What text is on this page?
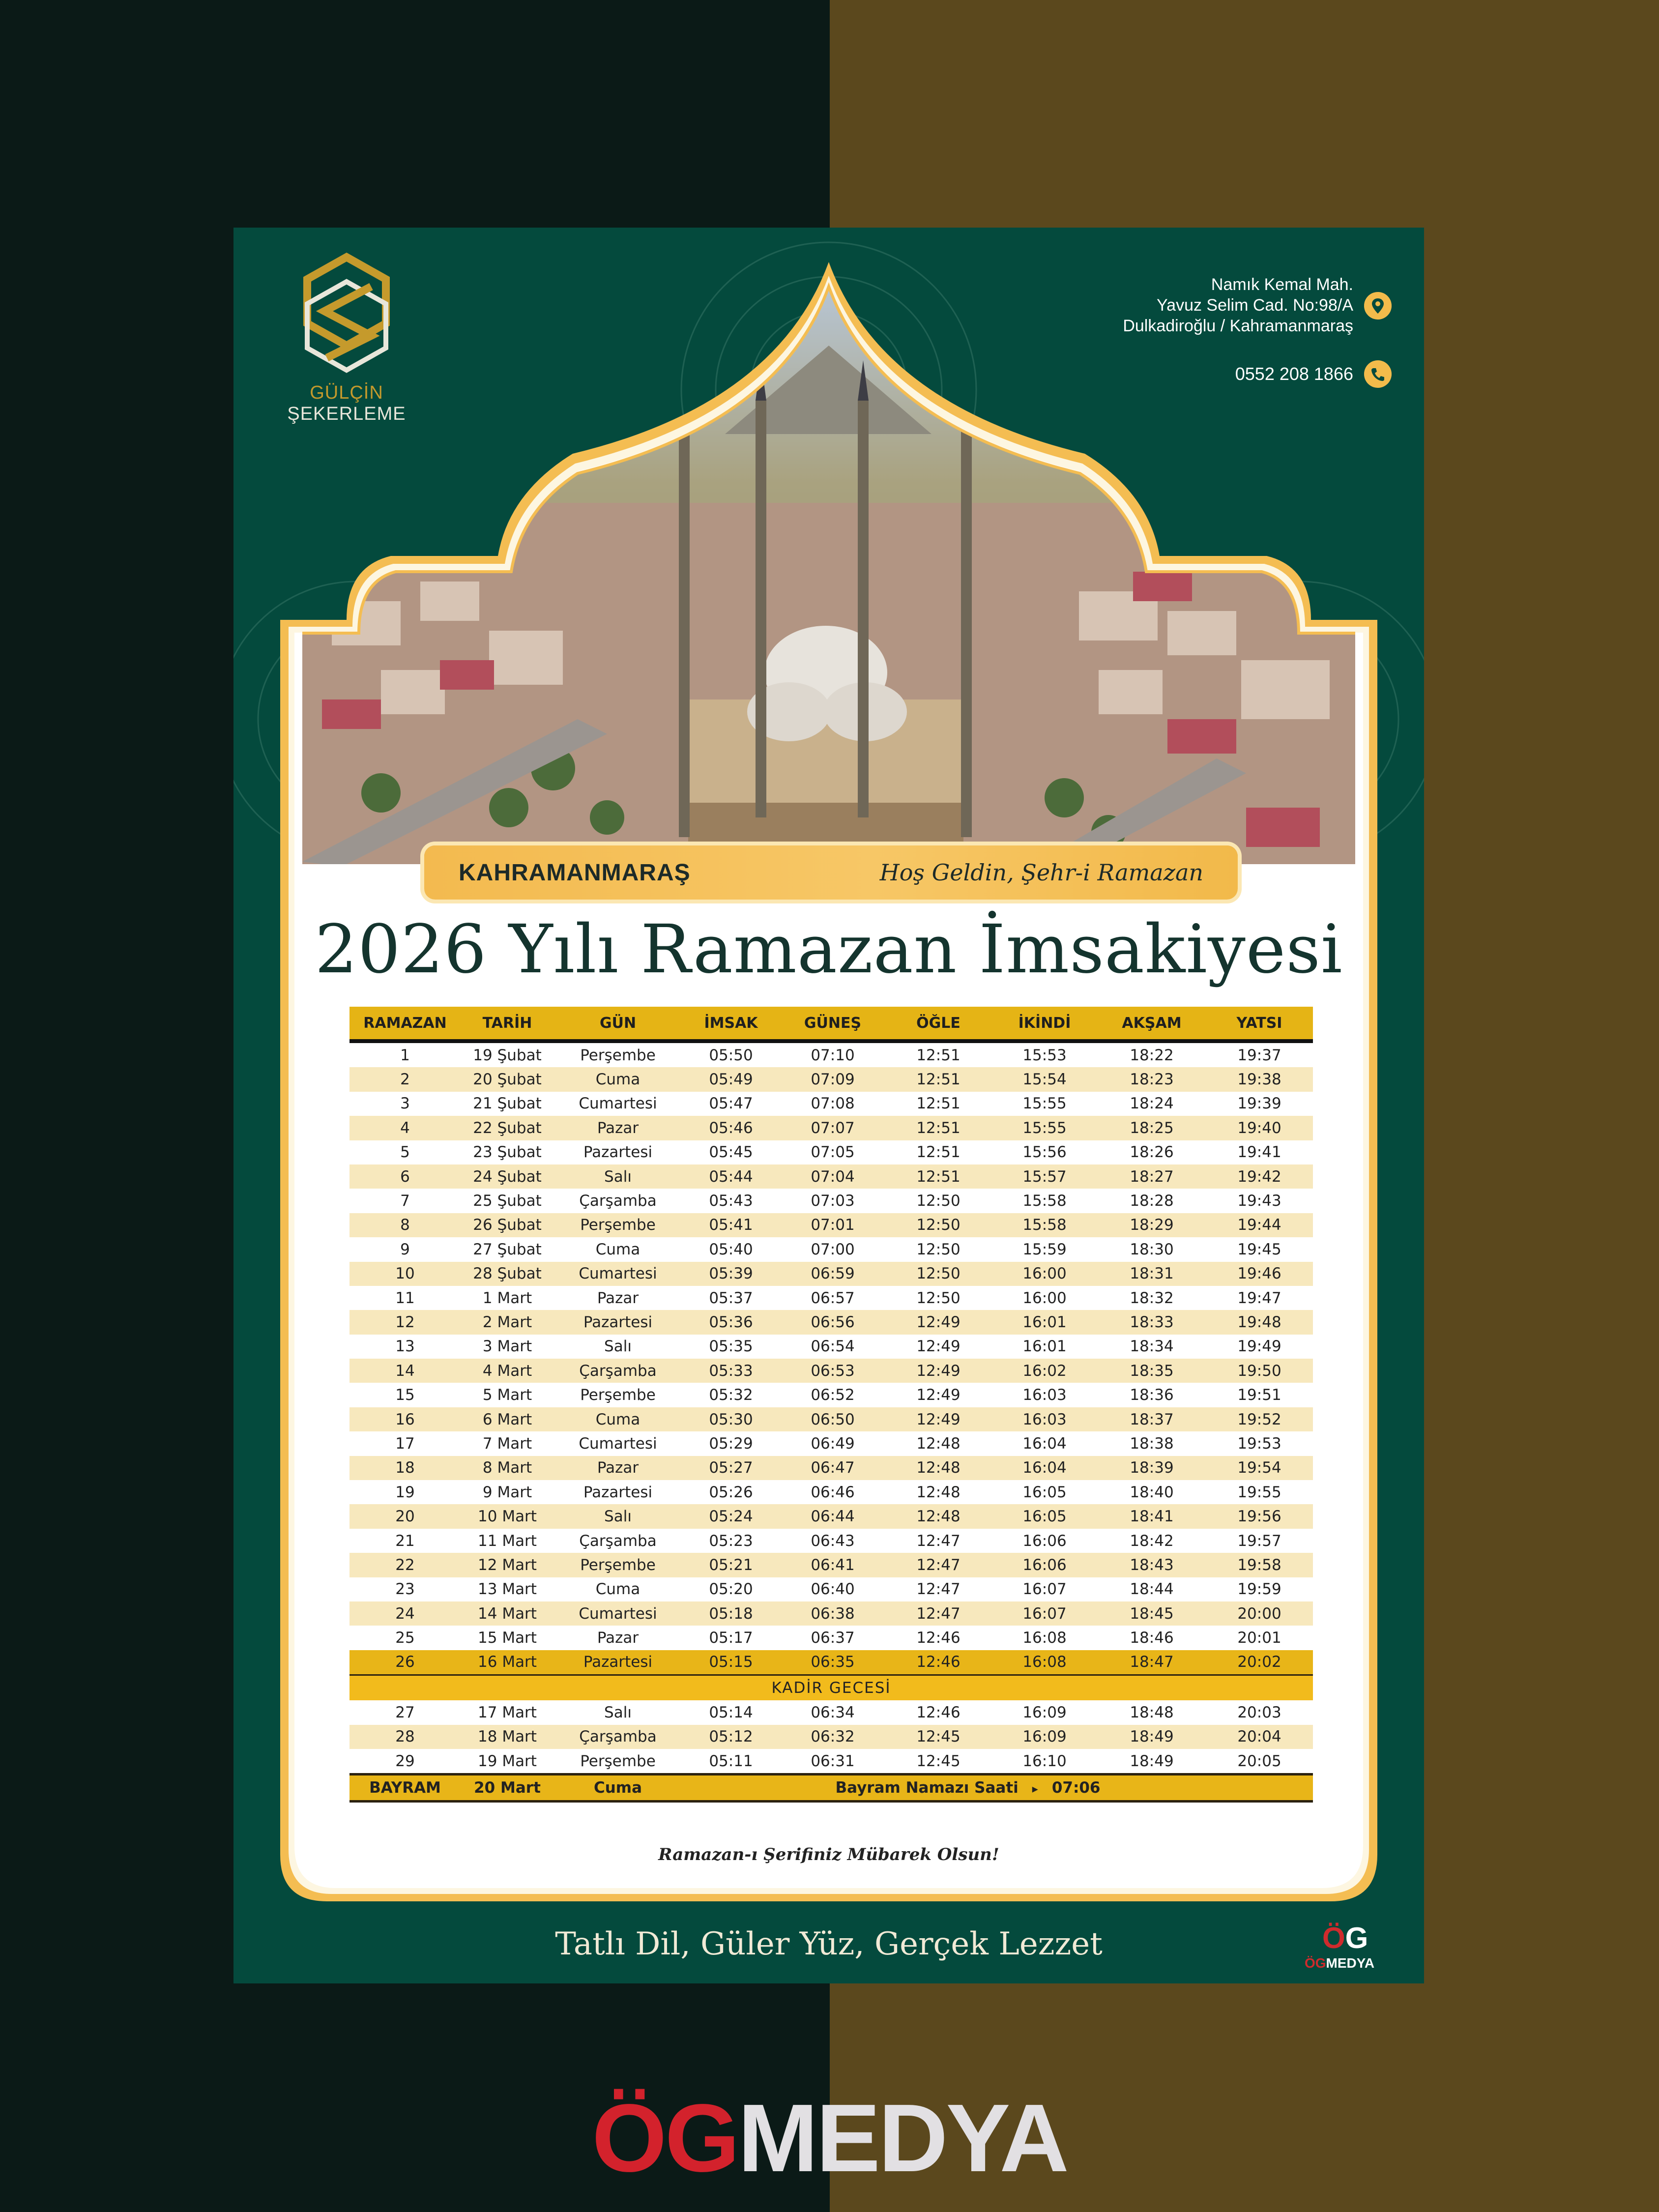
GÜLÇİN ŞEKERLEME
Namık Kemal Mah.
Yavuz Selim Cad. No:98/A
Dulkadiroğlu / Kahramanmaraş
0552 208 1866
KAHRAMANMARAŞ	Hoş Geldin, Şehr-i Ramazan
2026 Yılı Ramazan İmsakiyesi
RAMAZAN	TARİH	GÜN	İMSAK	GÜNEŞ	ÖĞLE	İKİNDİ	AKŞAM	YATSI
1	19 Şubat	Perşembe	05:50	07:10	12:51	15:53	18:22	19:37
2	20 Şubat	Cuma	05:49	07:09	12:51	15:54	18:23	19:38
3	21 Şubat	Cumartesi	05:47	07:08	12:51	15:55	18:24	19:39
4	22 Şubat	Pazar	05:46	07:07	12:51	15:55	18:25	19:40
5	23 Şubat	Pazartesi	05:45	07:05	12:51	15:56	18:26	19:41
6	24 Şubat	Salı	05:44	07:04	12:51	15:57	18:27	19:42
7	25 Şubat	Çarşamba	05:43	07:03	12:50	15:58	18:28	19:43
8	26 Şubat	Perşembe	05:41	07:01	12:50	15:58	18:29	19:44
9	27 Şubat	Cuma	05:40	07:00	12:50	15:59	18:30	19:45
10	28 Şubat	Cumartesi	05:39	06:59	12:50	16:00	18:31	19:46
11	1 Mart	Pazar	05:37	06:57	12:50	16:00	18:32	19:47
12	2 Mart	Pazartesi	05:36	06:56	12:49	16:01	18:33	19:48
13	3 Mart	Salı	05:35	06:54	12:49	16:01	18:34	19:49
14	4 Mart	Çarşamba	05:33	06:53	12:49	16:02	18:35	19:50
15	5 Mart	Perşembe	05:32	06:52	12:49	16:03	18:36	19:51
16	6 Mart	Cuma	05:30	06:50	12:49	16:03	18:37	19:52
17	7 Mart	Cumartesi	05:29	06:49	12:48	16:04	18:38	19:53
18	8 Mart	Pazar	05:27	06:47	12:48	16:04	18:39	19:54
19	9 Mart	Pazartesi	05:26	06:46	12:48	16:05	18:40	19:55
20	10 Mart	Salı	05:24	06:44	12:48	16:05	18:41	19:56
21	11 Mart	Çarşamba	05:23	06:43	12:47	16:06	18:42	19:57
22	12 Mart	Perşembe	05:21	06:41	12:47	16:06	18:43	19:58
23	13 Mart	Cuma	05:20	06:40	12:47	16:07	18:44	19:59
24	14 Mart	Cumartesi	05:18	06:38	12:47	16:07	18:45	20:00
25	15 Mart	Pazar	05:17	06:37	12:46	16:08	18:46	20:01
26	16 Mart	Pazartesi	05:15	06:35	12:46	16:08	18:47	20:02
KADİR GECESİ								
27	17 Mart	Salı	05:14	06:34	12:46	16:09	18:48	20:03
28	18 Mart	Çarşamba	05:12	06:32	12:45	16:09	18:49	20:04
29	19 Mart	Perşembe	05:11	06:31	12:45	16:10	18:49	20:05
BAYRAM	20 Mart	Cuma	Bayram Namazı Saati ▸ 07:06					
Ramazan-ı Şerifiniz Mübarek Olsun!
Tatlı Dil, Güler Yüz, Gerçek Lezzet	ÖG
ÖGMEDYA
ÖGMEDYA
